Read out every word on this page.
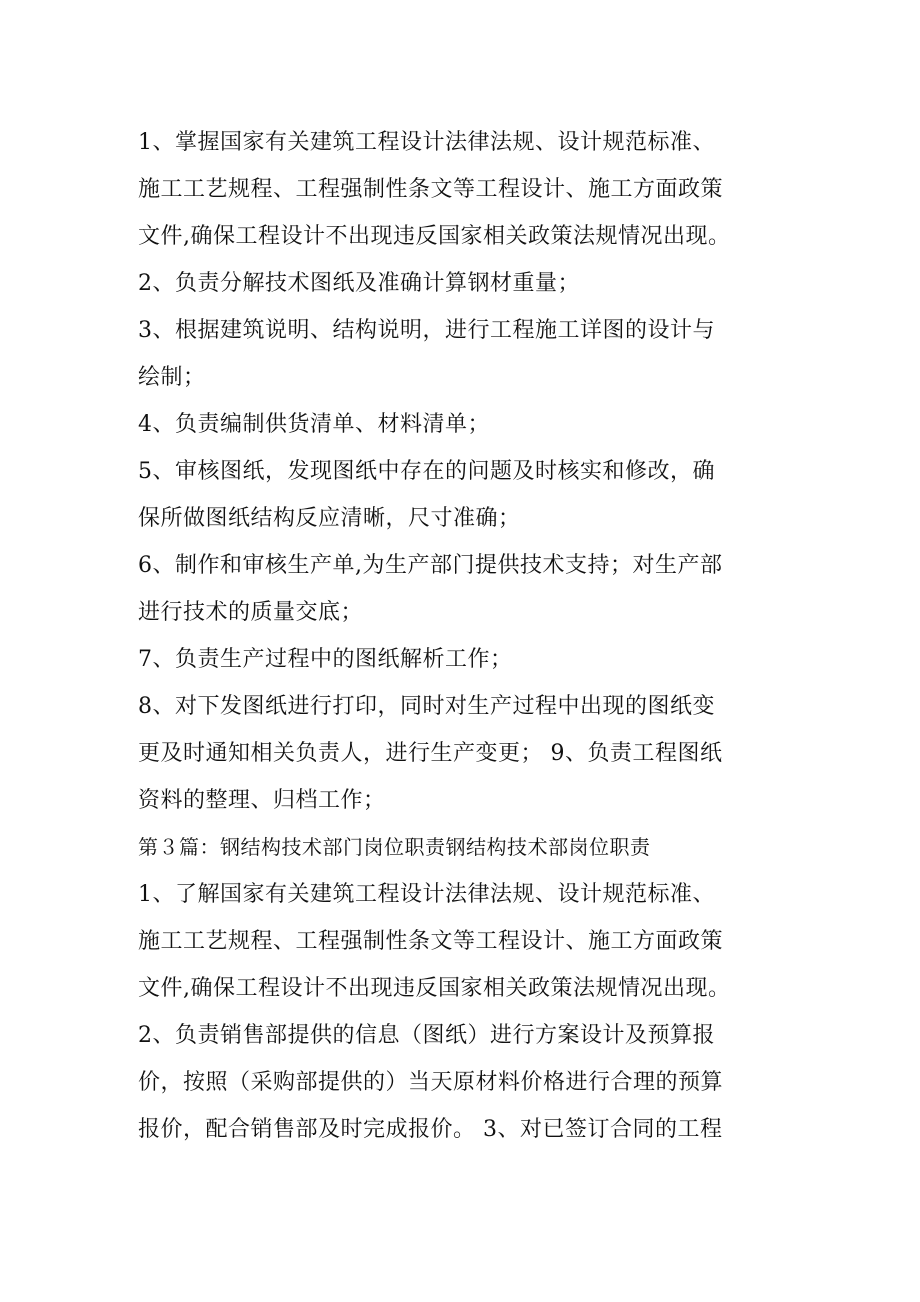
1、掌握国家有关建筑工程设计法律法规、设计规范标准、
施工工艺规程、工程强制性条文等工程设计、施工方面政策
文件,确保工程设计不出现违反国家相关政策法规情况出现。
2、负责分解技术图纸及准确计算钢材重量；
3、根据建筑说明、结构说明，进行工程施工详图的设计与
绘制；
4、负责编制供货清单、材料清单；
5、审核图纸，发现图纸中存在的问题及时核实和修改，确
保所做图纸结构反应清晰，尺寸准确；
6、制作和审核生产单,为生产部门提供技术支持；对生产部
进行技术的质量交底；
7、负责生产过程中的图纸解析工作；
8、对下发图纸进行打印，同时对生产过程中出现的图纸变
更及时通知相关负责人，进行生产变更； 9、负责工程图纸
资料的整理、归档工作；
第３篇：钢结构技术部门岗位职责钢结构技术部岗位职责
1、了解国家有关建筑工程设计法律法规、设计规范标准、
施工工艺规程、工程强制性条文等工程设计、施工方面政策
文件,确保工程设计不出现违反国家相关政策法规情况出现。
2、负责销售部提供的信息（图纸）进行方案设计及预算报
价，按照（采购部提供的）当天原材料价格进行合理的预算
报价，配合销售部及时完成报价。 3、对已签订合同的工程
